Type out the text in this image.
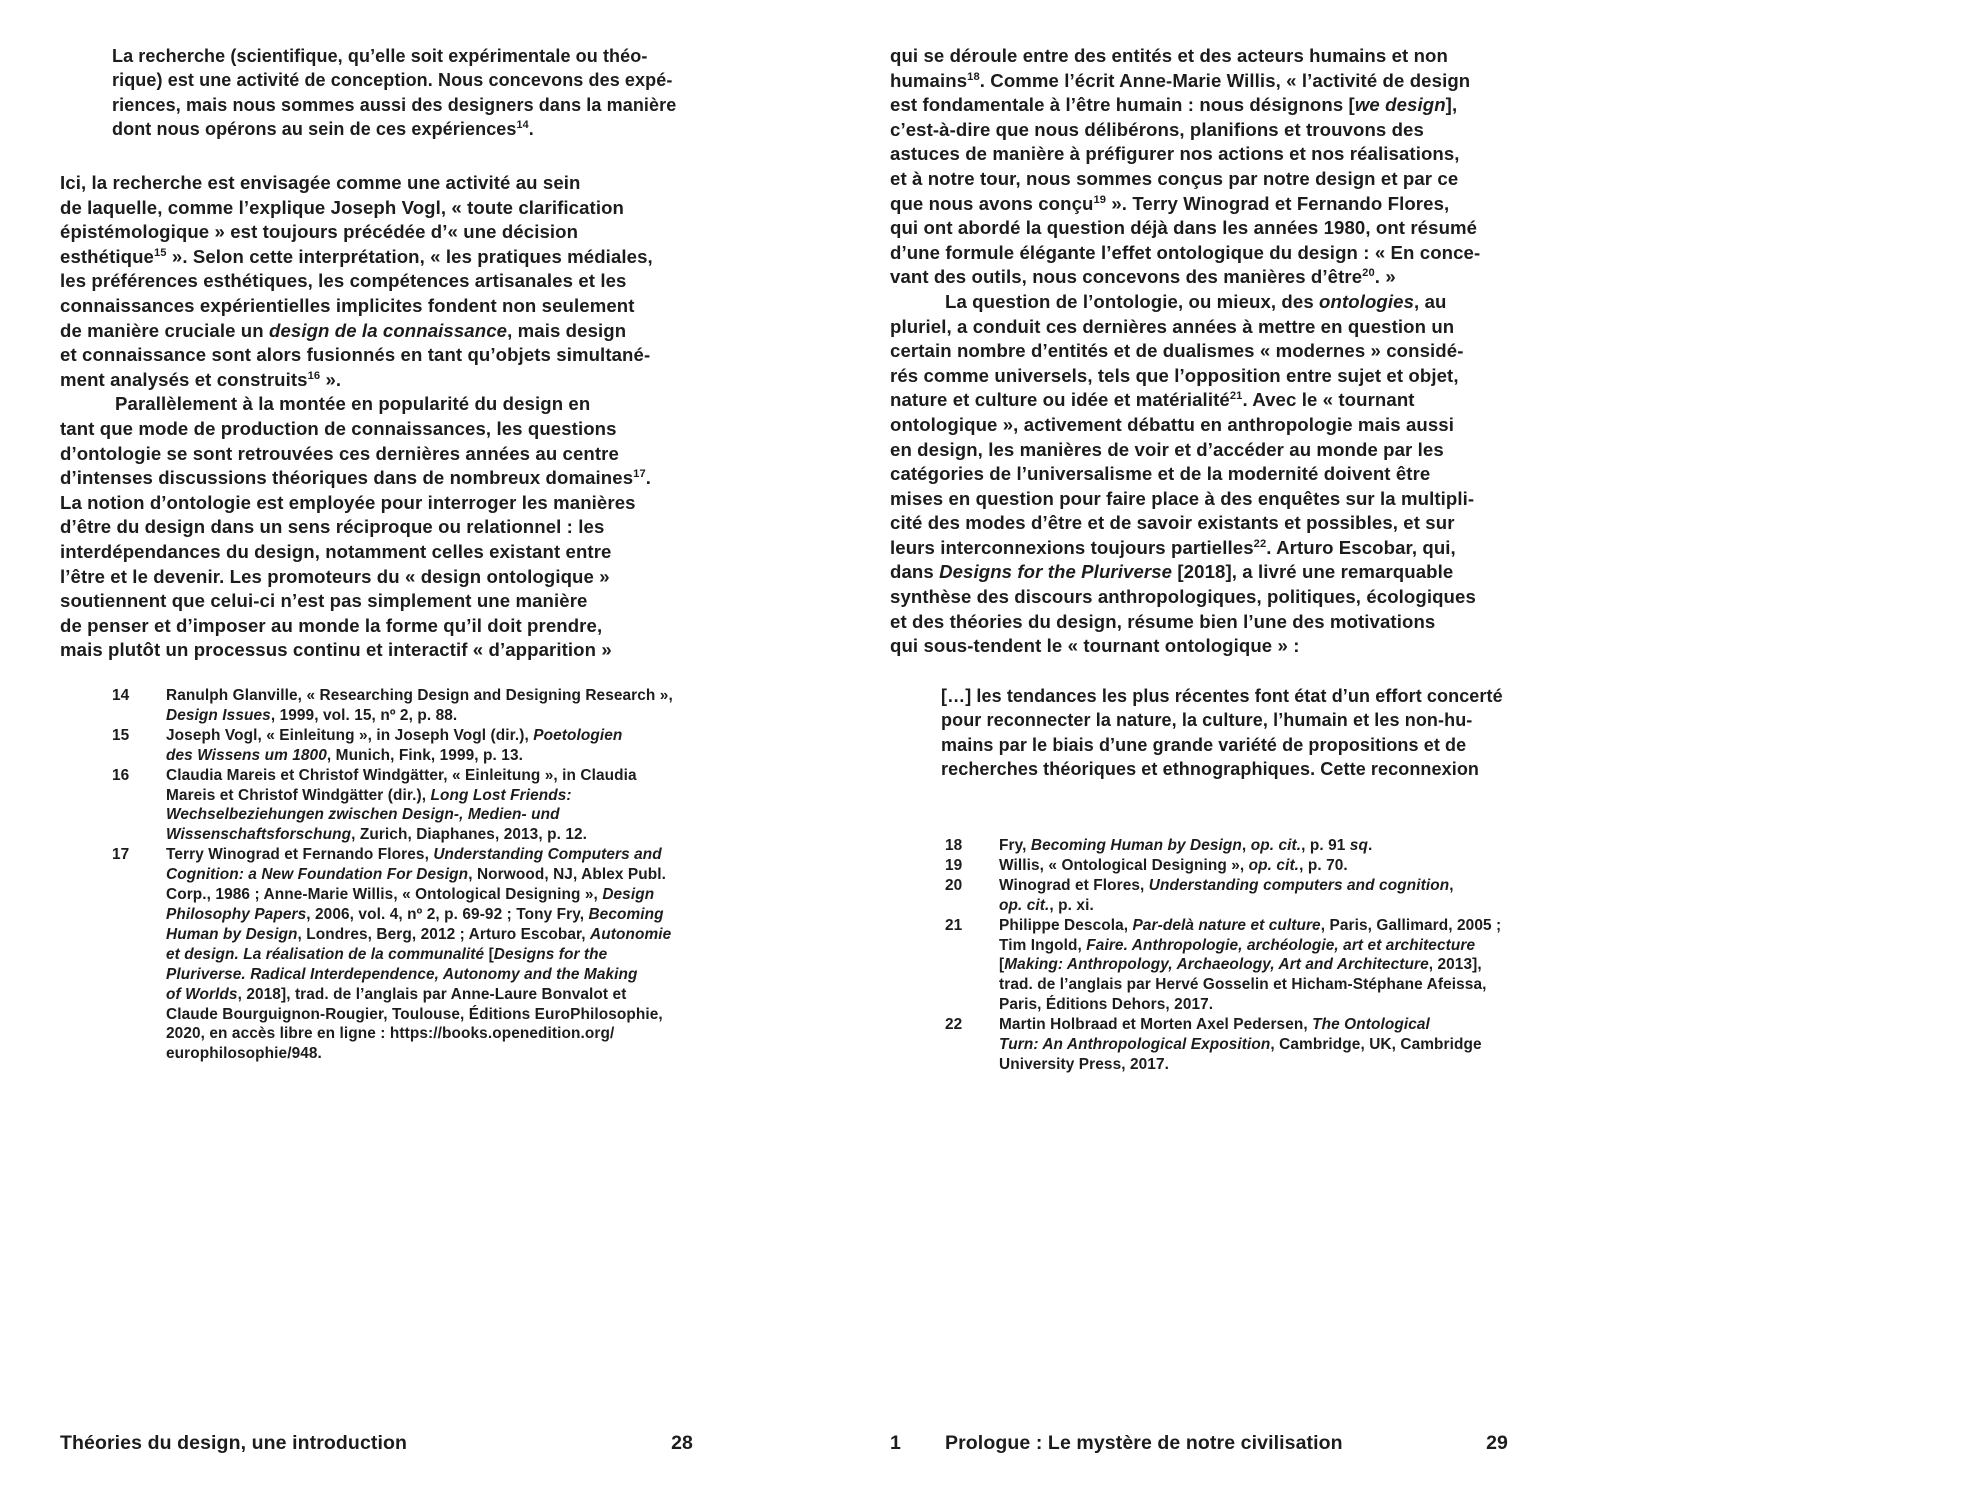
La recherche (scientifique, qu’elle soit expérimentale ou théo-
rique) est une activité de conception. Nous concevons des expé-
riences, mais nous sommes aussi des designers dans la manière
dont nous opérons au sein de ces expériences$^{14}$.

Ici, la recherche est envisagée comme une activité au sein
de laquelle, comme l’explique Joseph Vogl, « toute clarification
épistémologique » est toujours précédée d’« une décision
esthétique$^{15}$ ». Selon cette interprétation, « les pratiques médiales,
les préférences esthétiques, les compétences artisanales et les
connaissances expérientielles implicites fondent non seulement
de manière cruciale un design de la connaissance, mais design
et connaissance sont alors fusionnés en tant qu’objets simultané-
ment analysés et construits$^{16}$ ».

Parallèlement à la montée en popularité du design en
tant que mode de production de connaissances, les questions
d’ontologie se sont retrouvées ces dernières années au centre
d’intenses discussions théoriques dans de nombreux domaines$^{17}$.
La notion d’ontologie est employée pour interroger les manières
d’être du design dans un sens réciproque ou relationnel : les
interdépendances du design, notamment celles existant entre
l’être et le devenir. Les promoteurs du « design ontologique »
soutiennent que celui-ci n’est pas simplement une manière
de penser et d’imposer au monde la forme qu’il doit prendre,
mais plutôt un processus continu et interactif « d’apparition »

14	Ranulph Glanville, « Researching Design and Designing Research »,
Design Issues, 1999, vol. 15, nº 2, p. 88.
15	Joseph Vogl, « Einleitung », in Joseph Vogl (dir.), Poetologien
des Wissens um 1800, Munich, Fink, 1999, p. 13.
16	Claudia Mareis et Christof Windgätter, « Einleitung », in Claudia
Mareis et Christof Windgätter (dir.), Long Lost Friends:
Wechselbeziehungen zwischen Design-, Medien- und
Wissenschaftsforschung, Zurich, Diaphanes, 2013, p. 12.
17	Terry Winograd et Fernando Flores, Understanding Computers and
Cognition: a New Foundation For Design, Norwood, NJ, Ablex Publ.
Corp., 1986 ; Anne-Marie Willis, « Ontological Designing », Design
Philosophy Papers, 2006, vol. 4, nº 2, p. 69-92 ; Tony Fry, Becoming
Human by Design, Londres, Berg, 2012 ; Arturo Escobar, Autonomie
et design. La réalisation de la communalité [Designs for the
Pluriverse. Radical Interdependence, Autonomy and the Making
of Worlds, 2018], trad. de l’anglais par Anne-Laure Bonvalot et
Claude Bourguignon-Rougier, Toulouse, Éditions EuroPhilosophie,
2020, en accès libre en ligne : https://books.openedition.org/
europhilosophie/948.
Théories du design, une introduction	28

qui se déroule entre des entités et des acteurs humains et non
humains$^{18}$. Comme l’écrit Anne-Marie Willis, « l’activité de design
est fondamentale à l’être humain : nous désignons [we design],
c’est-à-dire que nous délibérons, planifions et trouvons des
astuces de manière à préfigurer nos actions et nos réalisations,
et à notre tour, nous sommes conçus par notre design et par ce
que nous avons conçu$^{19}$ ». Terry Winograd et Fernando Flores,
qui ont abordé la question déjà dans les années 1980, ont résumé
d’une formule élégante l’effet ontologique du design : « En conce-
vant des outils, nous concevons des manières d’être$^{20}$. »

La question de l’ontologie, ou mieux, des ontologies, au
pluriel, a conduit ces dernières années à mettre en question un
certain nombre d’entités et de dualismes « modernes » considé-
rés comme universels, tels que l’opposition entre sujet et objet,
nature et culture ou idée et matérialité$^{21}$. Avec le « tournant
ontologique », activement débattu en anthropologie mais aussi
en design, les manières de voir et d’accéder au monde par les
catégories de l’universalisme et de la modernité doivent être
mises en question pour faire place à des enquêtes sur la multipli-
cité des modes d’être et de savoir existants et possibles, et sur
leurs interconnexions toujours partielles$^{22}$. Arturo Escobar, qui,
dans Designs for the Pluriverse [2018], a livré une remarquable
synthèse des discours anthropologiques, politiques, écologiques
et des théories du design, résume bien l’une des motivations
qui sous-tendent le « tournant ontologique » :

[…] les tendances les plus récentes font état d’un effort concerté
pour reconnecter la nature, la culture, l’humain et les non-hu-
mains par le biais d’une grande variété de propositions et de
recherches théoriques et ethnographiques. Cette reconnexion
18	Fry, Becoming Human by Design, op. cit., p. 91 sq.
19	Willis, « Ontological Designing », op. cit., p. 70.
20	Winograd et Flores, Understanding computers and cognition,
op. cit., p. xi.
21	Philippe Descola, Par-delà nature et culture, Paris, Gallimard, 2005 ;
Tim Ingold, Faire. Anthropologie, archéologie, art et architecture
[Making: Anthropology, Archaeology, Art and Architecture, 2013],
trad. de l’anglais par Hervé Gosselin et Hicham-Stéphane Afeissa,
Paris, Éditions Dehors, 2017.
22	Martin Holbraad et Morten Axel Pedersen, The Ontological
Turn: An Anthropological Exposition, Cambridge, UK, Cambridge
University Press, 2017.
1	Prologue : Le mystère de notre civilisation	29
